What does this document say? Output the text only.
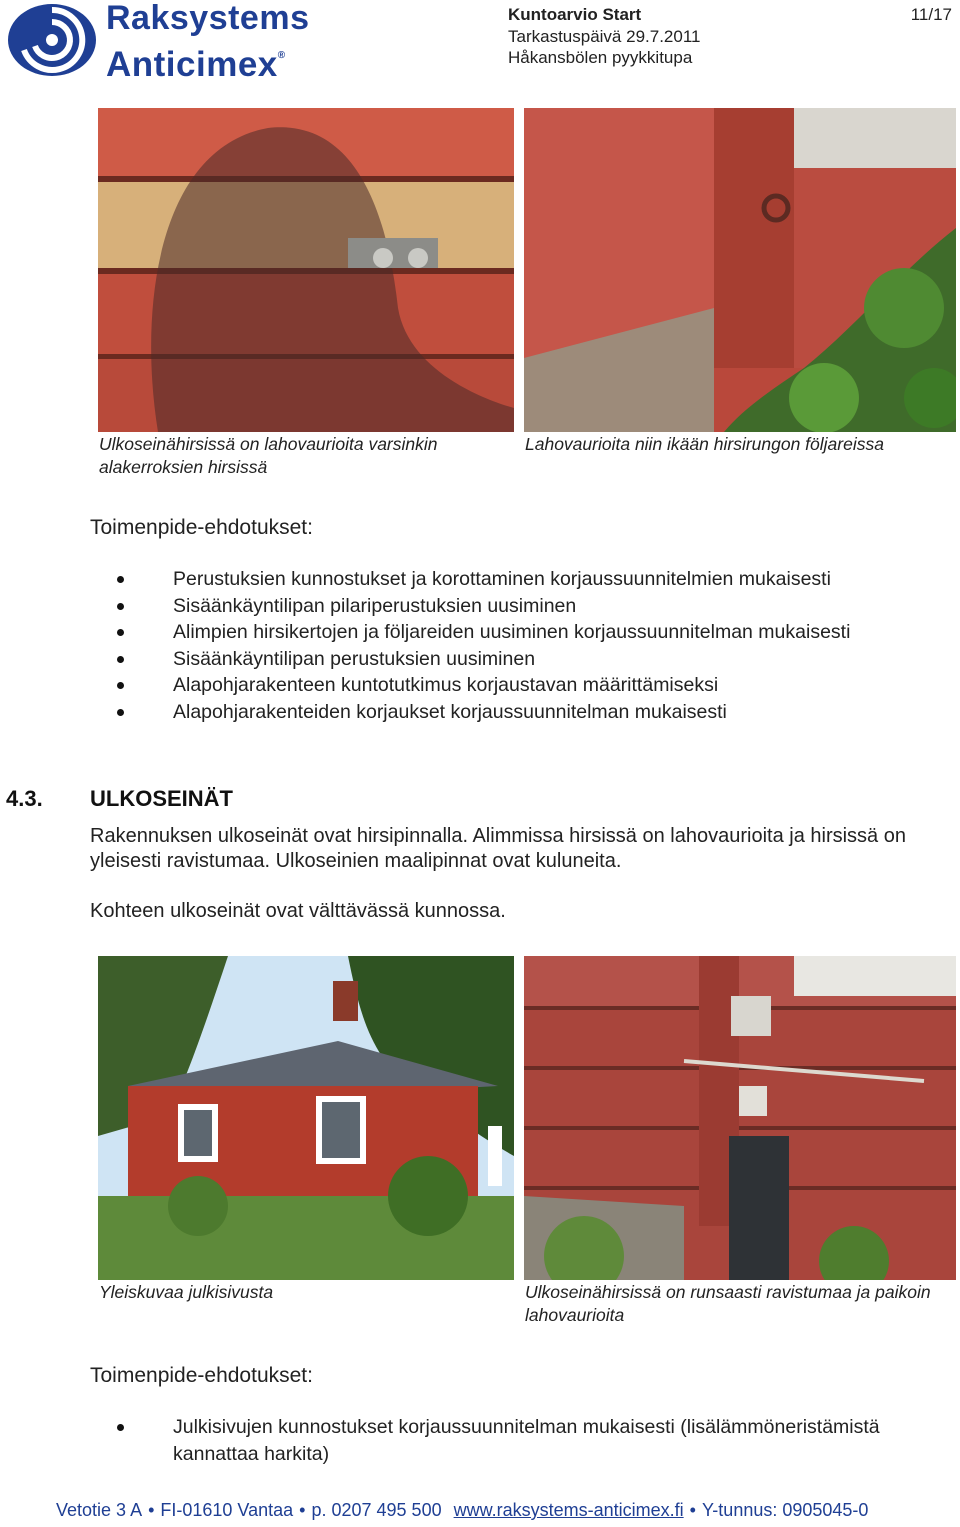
Raksystems
Anticimex®
Kuntoarvio Start
Tarkastuspäivä 29.7.2011
Håkansbölen pyykkitupa
11/17
Ulkoseinähirsissä on lahovaurioita varsinkin alakerroksien hirsissä
Lahovaurioita niin ikään hirsirungon följareissa
Toimenpide-ehdotukset:
Perustuksien kunnostukset ja korottaminen korjaussuunnitelmien mukaisesti
Sisäänkäyntilipan pilariperustuksien uusiminen
Alimpien hirsikertojen ja följareiden uusiminen korjaussuunnitelman mukaisesti
Sisäänkäyntilipan perustuksien uusiminen
Alapohjarakenteen kuntotutkimus korjaustavan määrittämiseksi
Alapohjarakenteiden korjaukset korjaussuunnitelman mukaisesti
4.3. ULKOSEINÄT
Rakennuksen ulkoseinät ovat hirsipinnalla. Alimmissa hirsissä on lahovaurioita ja hirsissä on yleisesti ravistumaa. Ulkoseinien maalipinnat ovat kuluneita.
Kohteen ulkoseinät ovat välttävässä kunnossa.
Yleiskuvaa julkisivusta	Ulkoseinähirsissä on runsaasti ravistumaa ja paikoin lahovaurioita
Toimenpide-ehdotukset:
Julkisivujen kunnostukset korjaussuunnitelman mukaisesti (lisälämmöneristämistä kannattaa harkita)
Vetotie 3 A • FI-01610 Vantaa • p. 0207 495 500 www.raksystems-anticimex.fi • Y-tunnus: 0905045-0
